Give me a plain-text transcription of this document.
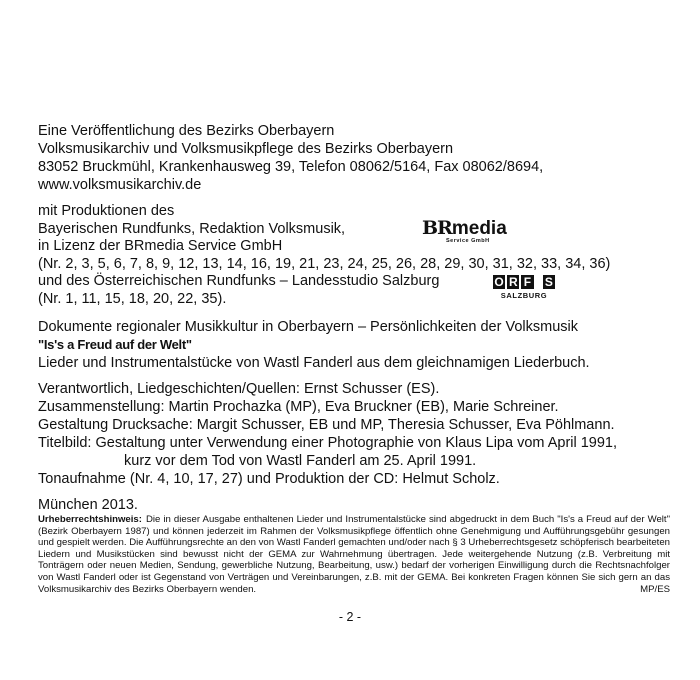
Eine Veröffentlichung des Bezirks Oberbayern

Volksmusikarchiv und Volksmusikpflege des Bezirks Oberbayern

83052 Bruckmühl, Krankenhausweg 39, Telefon 08062/5164, Fax 08062/8694,

www.volksmusikarchiv.de

mit Produktionen des

Bayerischen Rundfunks, Redaktion Volksmusik,

in Lizenz der BRmedia Service GmbH

(Nr. 2, 3, 5, 6, 7, 8, 9, 12, 13, 14, 16, 19, 21, 23, 24, 25, 26, 28, 29, 30, 31, 32, 33, 34, 36)

und des Österreichischen Rundfunks – Landesstudio Salzburg

(Nr. 1, 11, 15, 18, 20, 22, 35).

Dokumente regionaler Musikkultur in Oberbayern – Persönlichkeiten der Volksmusik

"Is's a Freud auf der Welt"

Lieder und Instrumentalstücke von Wastl Fanderl aus dem gleichnamigen Liederbuch.

Verantwortlich, Liedgeschichten/Quellen: Ernst Schusser (ES).

Zusammenstellung: Martin Prochazka (MP), Eva Bruckner (EB), Marie Schreiner.

Gestaltung Drucksache: Margit Schusser, EB und MP, Theresia Schusser, Eva Pöhlmann.

Titelbild: Gestaltung unter Verwendung einer Photographie von Klaus Lipa vom April 1991,

kurz vor dem Tod von Wastl Fanderl am 25. April 1991.

Tonaufnahme (Nr. 4, 10, 17, 27) und Produktion der CD: Helmut Scholz.

München 2013.

BRmedia
Service GmbH
O R F S
SALZBURG
Urheberrechtshinweis: Die in dieser Ausgabe enthaltenen Lieder und Instrumentalstücke sind abgedruckt in dem Buch "Is's a Freud auf der Welt" (Bezirk Oberbayern 1987) und können jederzeit im Rahmen der Volksmusikpflege öffentlich ohne Genehmigung und Aufführungsgebühr gesungen und gespielt werden. Die Aufführungsrechte an den von Wastl Fanderl gemachten und/oder nach § 3 Urheberrechtsgesetz schöpferisch bearbeiteten Liedern und Musikstücken sind bewusst nicht der GEMA zur Wahrnehmung übertragen. Jede weitergehende Nutzung (z.B. Verbreitung mit Tonträgern oder neuen Medien, Sendung, gewerbliche Nutzung, Bearbeitung, usw.) bedarf der vorherigen Einwilligung durch die Rechtsnachfolger von Wastl Fanderl oder ist Gegenstand von Verträgen und Vereinbarungen, z.B. mit der GEMA. Bei konkreten Fragen können Sie sich gern an das Volksmusikarchiv des Bezirks Oberbayern wenden.	MP/ES
- 2 -
